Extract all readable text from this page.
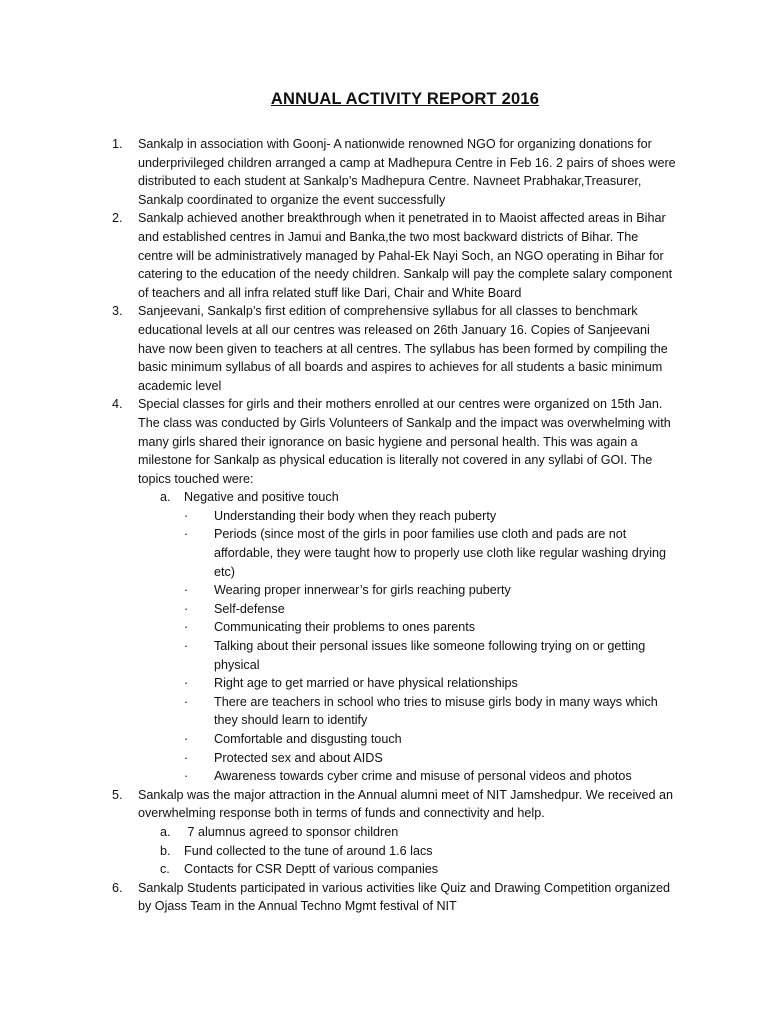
ANNUAL ACTIVITY REPORT 2016
1. Sankalp in association with Goonj- A nationwide renowned NGO for organizing donations for underprivileged children arranged a camp at Madhepura Centre in Feb 16. 2 pairs of shoes were distributed to each student at Sankalp’s Madhepura Centre. Navneet Prabhakar,Treasurer, Sankalp coordinated to organize the event successfully
2. Sankalp achieved another breakthrough when it penetrated in to Maoist affected areas in Bihar and established centres in Jamui and Banka,the two most backward districts of Bihar. The centre will be administratively managed by Pahal-Ek Nayi Soch, an NGO operating in Bihar for catering to the education of the needy children. Sankalp will pay the complete salary component of teachers and all infra related stuff like Dari, Chair and White Board
3. Sanjeevani, Sankalp’s first edition of comprehensive syllabus for all classes to benchmark educational levels at all our centres was released on 26th January 16. Copies of Sanjeevani have now been given to teachers at all centres. The syllabus has been formed by compiling the basic minimum syllabus of all boards and aspires to achieves for all students a basic minimum academic level
4. Special classes for girls and their mothers enrolled at our centres were organized on 15th Jan. The class was conducted by Girls Volunteers of Sankalp and the impact was overwhelming with many girls shared their ignorance on basic hygiene and personal health. This was again a milestone for Sankalp as physical education is literally not covered in any syllabi of GOI. The topics touched were:
a. Negative and positive touch
· Understanding their body when they reach puberty
· Periods (since most of the girls in poor families use cloth and pads are not affordable, they were taught how to properly use cloth like regular washing drying etc)
· Wearing proper innerwear’s for girls reaching puberty
· Self-defense
· Communicating their problems to ones parents
· Talking about their personal issues like someone following trying on or getting physical
· Right age to get married or have physical relationships
· There are teachers in school who tries to misuse girls body in many ways which they should learn to identify
· Comfortable and disgusting touch
· Protected sex and about AIDS
· Awareness towards cyber crime and misuse of personal videos and photos
5. Sankalp was the major attraction in the Annual alumni meet of NIT Jamshedpur. We received an overwhelming response both in terms of funds and connectivity and help.
a. 7 alumnus agreed to sponsor children
b. Fund collected to the tune of around 1.6 lacs
c. Contacts for CSR Deptt of various companies
6. Sankalp Students participated in various activities like Quiz and Drawing Competition organized by Ojass Team in the Annual Techno Mgmt festival of NIT
